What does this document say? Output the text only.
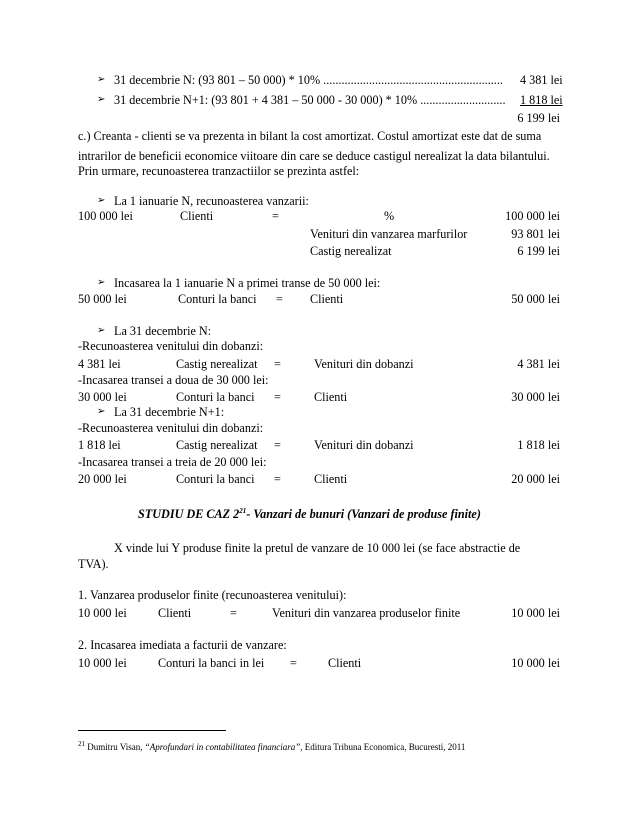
➢ 31 decembrie N: (93 801 – 50 000) * 10% ........................................................... 4 381 lei
➢ 31 decembrie N+1: (93 801 + 4 381 – 50 000 - 30 000) * 10% ............................ 1 818 lei
6 199 lei
c.) Creanta - clienti se va prezenta in bilant la cost amortizat. Costul amortizat este dat de suma
intrarilor de beneficii economice viitoare din care se deduce castigul nerealizat la data bilantului.
Prin urmare, recunoasterea tranzactiilor se prezinta astfel:
➢ La 1 ianuarie N, recunoasterea vanzarii:
100 000 lei	Clienti	=	%	100 000 lei
Venituri din vanzarea marfurilor	93 801 lei
Castig nerealizat	6 199 lei
➢ Incasarea la 1 ianuarie N a primei transe de 50 000 lei:
50 000 lei	Conturi la banci = Clienti	50 000 lei
➢ La 31 decembrie N:
-Recunoasterea venitului din dobanzi:
4 381 lei	Castig nerealizat =	Venituri din dobanzi	4 381 lei
-Incasarea transei a doua de 30 000 lei:
30 000 lei	Conturi la banci =	Clienti	30 000 lei
➢ La 31 decembrie N+1:
-Recunoasterea venitului din dobanzi:
1 818 lei	Castig nerealizat =	Venituri din dobanzi	1 818 lei
-Incasarea transei a treia de 20 000 lei:
20 000 lei	Conturi la banci =	Clienti	20 000 lei
STUDIU DE CAZ $2^{21}-$ Vanzari de bunuri (Vanzari de produse finite)
X vinde lui Y produse finite la pretul de vanzare de 10 000 lei (se face abstractie de
TVA).
1. Vanzarea produselor finite (recunoasterea venitului):
10 000 lei	Clienti	=	Venituri din vanzarea produselor finite	10 000 lei
2. Incasarea imediata a facturii de vanzare:
10 000 lei	Conturi la banci in lei =	Clienti	10 000 lei
$^{21}$ Dumitru Visan, “Aprofundari in contabilitatea financiara”, Editura Tribuna Economica, Bucuresti, 2011
